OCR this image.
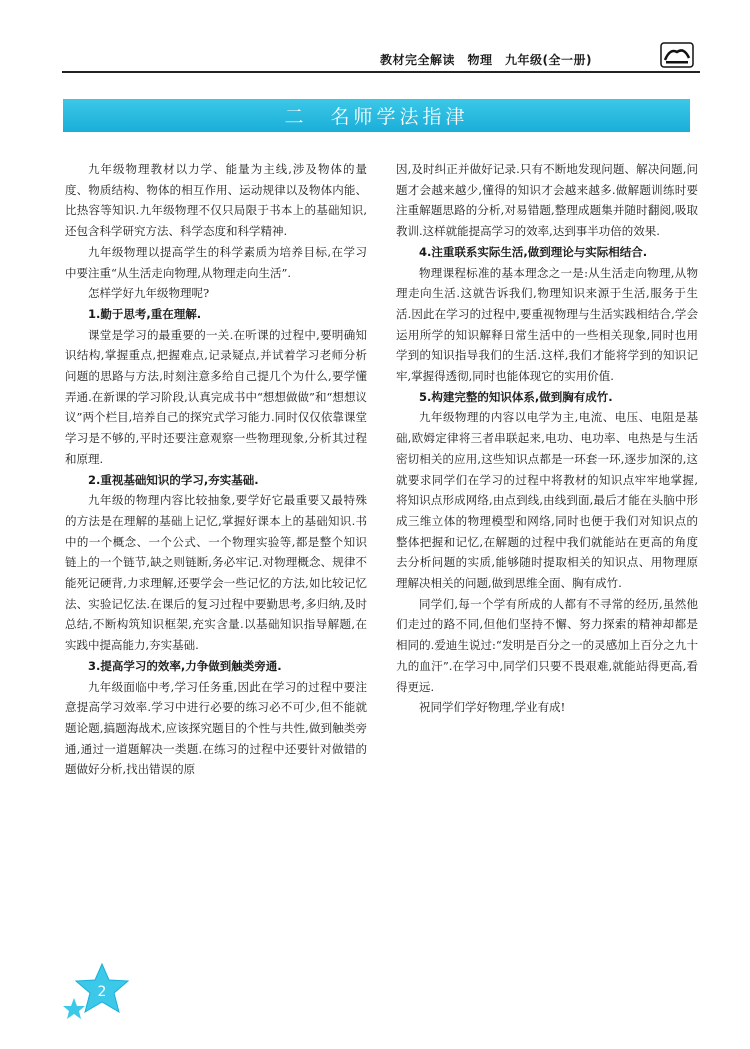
教材完全解读　物理　九年级(全一册)
二　名师学法指津

九年级物理教材以力学、能量为主线,涉及物体的量度、物质结构、物体的相互作用、运动规律以及物体内能、比热容等知识.九年级物理不仅只局限于书本上的基础知识,还包含科学研究方法、科学态度和科学精神.

九年级物理以提高学生的科学素质为培养目标,在学习中要注重“从生活走向物理,从物理走向生活”.

怎样学好九年级物理呢?

1.勤于思考,重在理解.

课堂是学习的最重要的一关.在听课的过程中,要明确知识结构,掌握重点,把握难点,记录疑点,并试着学习老师分析问题的思路与方法,时刻注意多给自己提几个为什么,要学懂弄通.在新课的学习阶段,认真完成书中“想想做做”和“想想议议”两个栏目,培养自己的探究式学习能力.同时仅仅依靠课堂学习是不够的,平时还要注意观察一些物理现象,分析其过程和原理.

2.重视基础知识的学习,夯实基础.

九年级的物理内容比较抽象,要学好它最重要又最特殊的方法是在理解的基础上记忆,掌握好课本上的基础知识.书中的一个概念、一个公式、一个物理实验等,都是整个知识链上的一个链节,缺之则链断,务必牢记.对物理概念、规律不能死记硬背,力求理解,还要学会一些记忆的方法,如比较记忆法、实验记忆法.在课后的复习过程中要勤思考,多归纳,及时总结,不断构筑知识框架,充实含量.以基础知识指导解题,在实践中提高能力,夯实基础.

3.提高学习的效率,力争做到触类旁通.

九年级面临中考,学习任务重,因此在学习的过程中要注意提高学习效率.学习中进行必要的练习必不可少,但不能就题论题,搞题海战术,应该探究题目的个性与共性,做到触类旁通,通过一道题解决一类题.在练习的过程中还要针对做错的题做好分析,找出错误的原

因,及时纠正并做好记录.只有不断地发现问题、解决问题,问题才会越来越少,懂得的知识才会越来越多.做解题训练时要注重解题思路的分析,对易错题,整理成题集并随时翻阅,吸取教训.这样就能提高学习的效率,达到事半功倍的效果.

4.注重联系实际生活,做到理论与实际相结合.

物理课程标准的基本理念之一是:从生活走向物理,从物理走向生活.这就告诉我们,物理知识来源于生活,服务于生活.因此在学习的过程中,要重视物理与生活实践相结合,学会运用所学的知识解释日常生活中的一些相关现象,同时也用学到的知识指导我们的生活.这样,我们才能将学到的知识记牢,掌握得透彻,同时也能体现它的实用价值.

5.构建完整的知识体系,做到胸有成竹.

九年级物理的内容以电学为主,电流、电压、电阻是基础,欧姆定律将三者串联起来,电功、电功率、电热是与生活密切相关的应用,这些知识点都是一环套一环,逐步加深的,这就要求同学们在学习的过程中将教材的知识点牢牢地掌握,将知识点形成网络,由点到线,由线到面,最后才能在头脑中形成三维立体的物理模型和网络,同时也便于我们对知识点的整体把握和记忆,在解题的过程中我们就能站在更高的角度去分析问题的实质,能够随时提取相关的知识点、用物理原理解决相关的问题,做到思维全面、胸有成竹.

同学们,每一个学有所成的人都有不寻常的经历,虽然他们走过的路不同,但他们坚持不懈、努力探索的精神却都是相同的.爱迪生说过:“发明是百分之一的灵感加上百分之九十九的血汗”.在学习中,同学们只要不畏艰难,就能站得更高,看得更远.

祝同学们学好物理,学业有成!

2
